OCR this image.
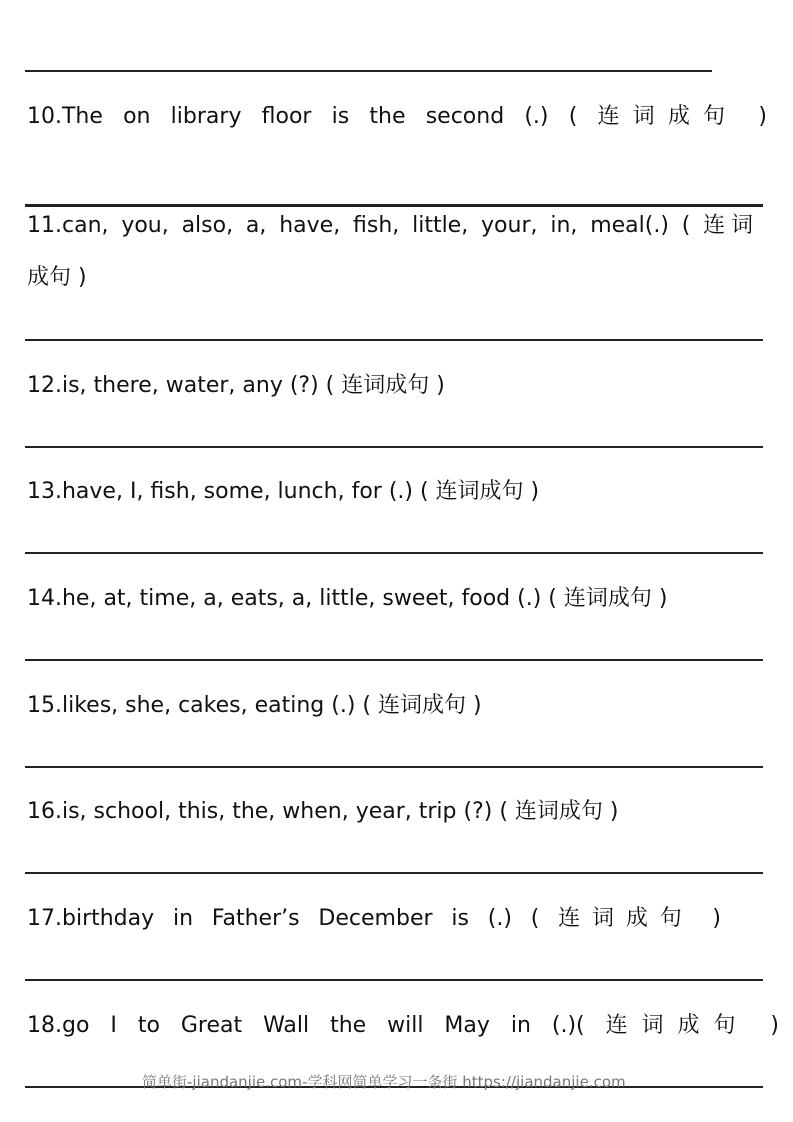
10.The on library floor is the second (.) ( 连词成句 )
11.can, you, also, a, have, fish, little, your, in, meal(.) ( 连词
成句 )
12.is, there, water, any (?) ( 连词成句 )
13.have, I, fish, some, lunch, for (.) ( 连词成句 )
14.he, at, time, a, eats, a, little, sweet, food (.) ( 连词成句 )
15.likes, she, cakes, eating (.) ( 连词成句 )
16.is, school, this, the, when, year, trip (?) ( 连词成句 )
17.birthday in Father’s December is (.) ( 连词成句 )
18.go I to Great Wall the will May in (.)( 连词成句 )
简单街-jiandanjie.com-学科网简单学习一条街 https://jiandanjie.com
